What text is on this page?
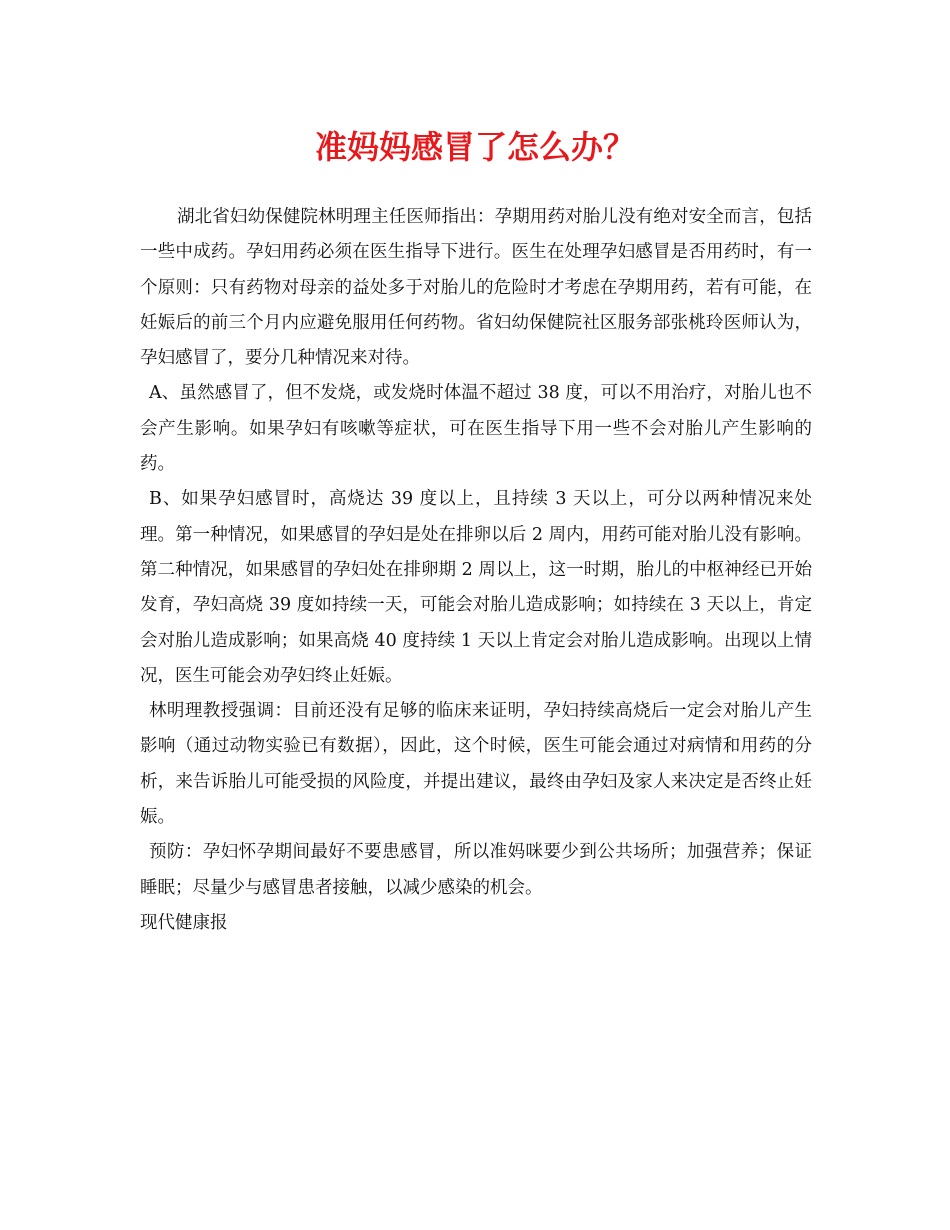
准妈妈感冒了怎么办？

湖北省妇幼保健院林明理主任医师指出：孕期用药对胎儿没有绝对安全而言，包括一些中成药。孕妇用药必须在医生指导下进行。医生在处理孕妇感冒是否用药时，有一个原则：只有药物对母亲的益处多于对胎儿的危险时才考虑在孕期用药，若有可能，在妊娠后的前三个月内应避免服用任何药物。省妇幼保健院社区服务部张桃玲医师认为，孕妇感冒了，要分几种情况来对待。

A、虽然感冒了，但不发烧，或发烧时体温不超过 38 度，可以不用治疗，对胎儿也不会产生影响。如果孕妇有咳嗽等症状，可在医生指导下用一些不会对胎儿产生影响的药。

B、如果孕妇感冒时，高烧达 39 度以上，且持续 3 天以上，可分以两种情况来处理。第一种情况，如果感冒的孕妇是处在排卵以后 2 周内，用药可能对胎儿没有影响。第二种情况，如果感冒的孕妇处在排卵期 2 周以上，这一时期，胎儿的中枢神经已开始发育，孕妇高烧 39 度如持续一天，可能会对胎儿造成影响；如持续在 3 天以上，肯定会对胎儿造成影响；如果高烧 40 度持续 1 天以上肯定会对胎儿造成影响。出现以上情况，医生可能会劝孕妇终止妊娠。

林明理教授强调：目前还没有足够的临床来证明，孕妇持续高烧后一定会对胎儿产生影响（通过动物实验已有数据），因此，这个时候，医生可能会通过对病情和用药的分析，来告诉胎儿可能受损的风险度，并提出建议，最终由孕妇及家人来决定是否终止妊娠。

预防：孕妇怀孕期间最好不要患感冒，所以准妈咪要少到公共场所；加强营养；保证睡眠；尽量少与感冒患者接触，以减少感染的机会。

现代健康报
